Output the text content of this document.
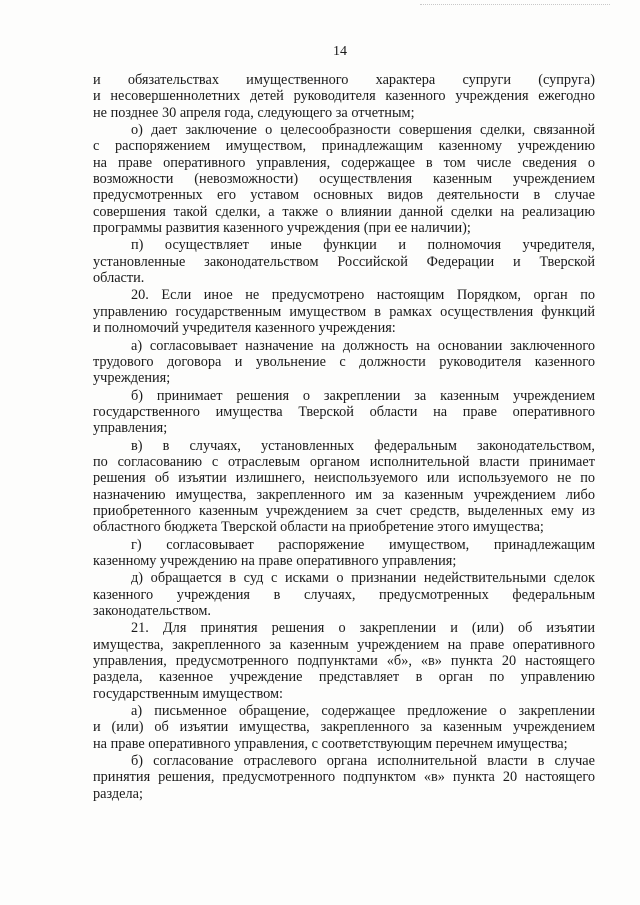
14
и обязательствах имущественного характера супруги (супруга)
и несовершеннолетних детей руководителя казенного учреждения ежегодно
не позднее 30 апреля года, следующего за отчетным;
о) дает заключение о целесообразности совершения сделки, связанной
с распоряжением имуществом, принадлежащим казенному учреждению
на праве оперативного управления, содержащее в том числе сведения о
возможности (невозможности) осуществления казенным учреждением
предусмотренных его уставом основных видов деятельности в случае
совершения такой сделки, а также о влиянии данной сделки на реализацию
программы развития казенного учреждения (при ее наличии);
п) осуществляет иные функции и полномочия учредителя,
установленные законодательством Российской Федерации и Тверской
области.
20. Если иное не предусмотрено настоящим Порядком, орган по
управлению государственным имуществом в рамках осуществления функций
и полномочий учредителя казенного учреждения:
а) согласовывает назначение на должность на основании заключенного
трудового договора и увольнение с должности руководителя казенного
учреждения;
б) принимает решения о закреплении за казенным учреждением
государственного имущества Тверской области на праве оперативного
управления;
в) в случаях, установленных федеральным законодательством,
по согласованию с отраслевым органом исполнительной власти принимает
решения об изъятии излишнего, неиспользуемого или используемого не по
назначению имущества, закрепленного им за казенным учреждением либо
приобретенного казенным учреждением за счет средств, выделенных ему из
областного бюджета Тверской области на приобретение этого имущества;
г) согласовывает распоряжение имуществом, принадлежащим
казенному учреждению на праве оперативного управления;
д) обращается в суд с исками о признании недействительными сделок
казенного учреждения в случаях, предусмотренных федеральным
законодательством.
21. Для принятия решения о закреплении и (или) об изъятии
имущества, закрепленного за казенным учреждением на праве оперативного
управления, предусмотренного подпунктами «б», «в» пункта 20 настоящего
раздела, казенное учреждение представляет в орган по управлению
государственным имуществом:
а) письменное обращение, содержащее предложение о закреплении
и (или) об изъятии имущества, закрепленного за казенным учреждением
на праве оперативного управления, с соответствующим перечнем имущества;
б) согласование отраслевого органа исполнительной власти в случае
принятия решения, предусмотренного подпунктом «в» пункта 20 настоящего
раздела;
